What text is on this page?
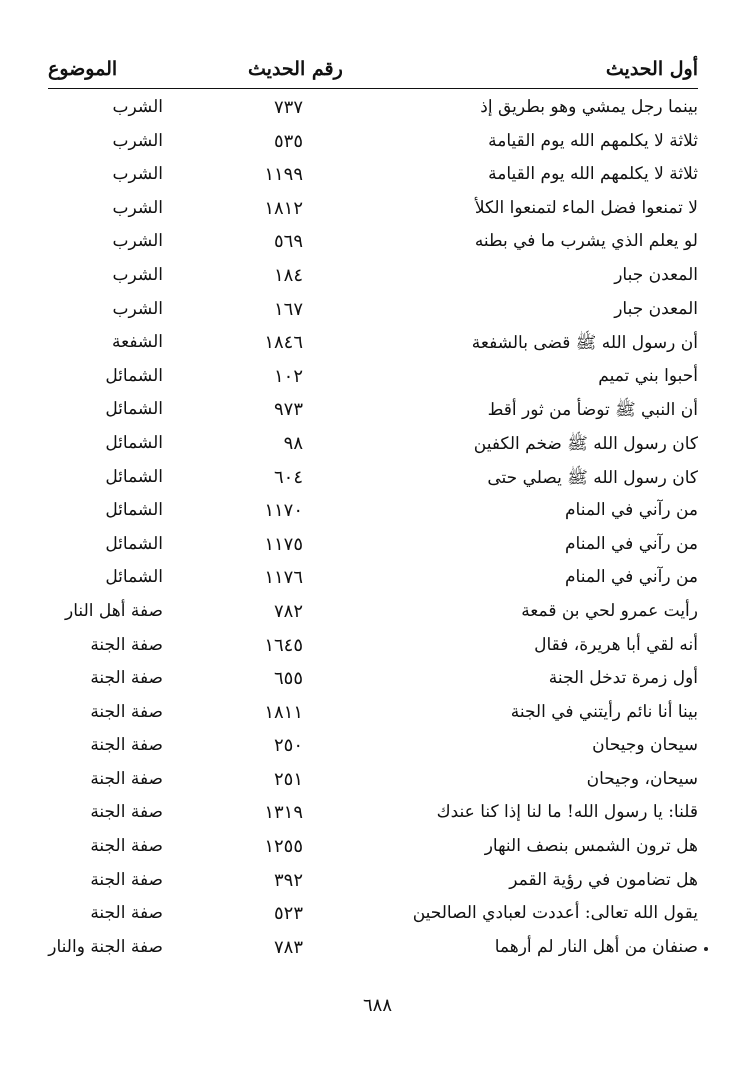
أول الحديث
رقم الحديث
الموضوع
بينما رجل يمشي وهو بطريق إذ
٧٣٧
الشرب
ثلاثة لا يكلمهم الله يوم القيامة
٥٣٥
الشرب
ثلاثة لا يكلمهم الله يوم القيامة
١١٩٩
الشرب
لا تمنعوا فضل الماء لتمنعوا الكلأ
١٨١٢
الشرب
لو يعلم الذي يشرب ما في بطنه
٥٦٩
الشرب
المعدن جبار
١٨٤
الشرب
المعدن جبار
١٦٧
الشرب
أن رسول الله ﷺ قضى بالشفعة
١٨٤٦
الشفعة
أحبوا بني تميم
١٠٢
الشمائل
أن النبي ﷺ توضأ من ثور أقط
٩٧٣
الشمائل
كان رسول الله ﷺ ضخم الكفين
٩٨
الشمائل
كان رسول الله ﷺ يصلي حتى
٦٠٤
الشمائل
من رآني في المنام
١١٧٠
الشمائل
من رآني في المنام
١١٧٥
الشمائل
من رآني في المنام
١١٧٦
الشمائل
رأيت عمرو لحي بن قمعة
٧٨٢
صفة أهل النار
أنه لقي أبا هريرة، فقال
١٦٤٥
صفة الجنة
أول زمرة تدخل الجنة
٦٥٥
صفة الجنة
بينا أنا نائم رأيتني في الجنة
١٨١١
صفة الجنة
سيحان وجيحان
٢٥٠
صفة الجنة
سيحان، وجيحان
٢٥١
صفة الجنة
قلنا: يا رسول الله! ما لنا إذا كنا عندك
١٣١٩
صفة الجنة
هل ترون الشمس بنصف النهار
١٢٥٥
صفة الجنة
هل تضامون في رؤية القمر
٣٩٢
صفة الجنة
يقول الله تعالى: أعددت لعبادي الصالحين
٥٢٣
صفة الجنة
صنفان من أهل النار لم أرهما
٧٨٣
صفة الجنة والنار
٦٨٨
